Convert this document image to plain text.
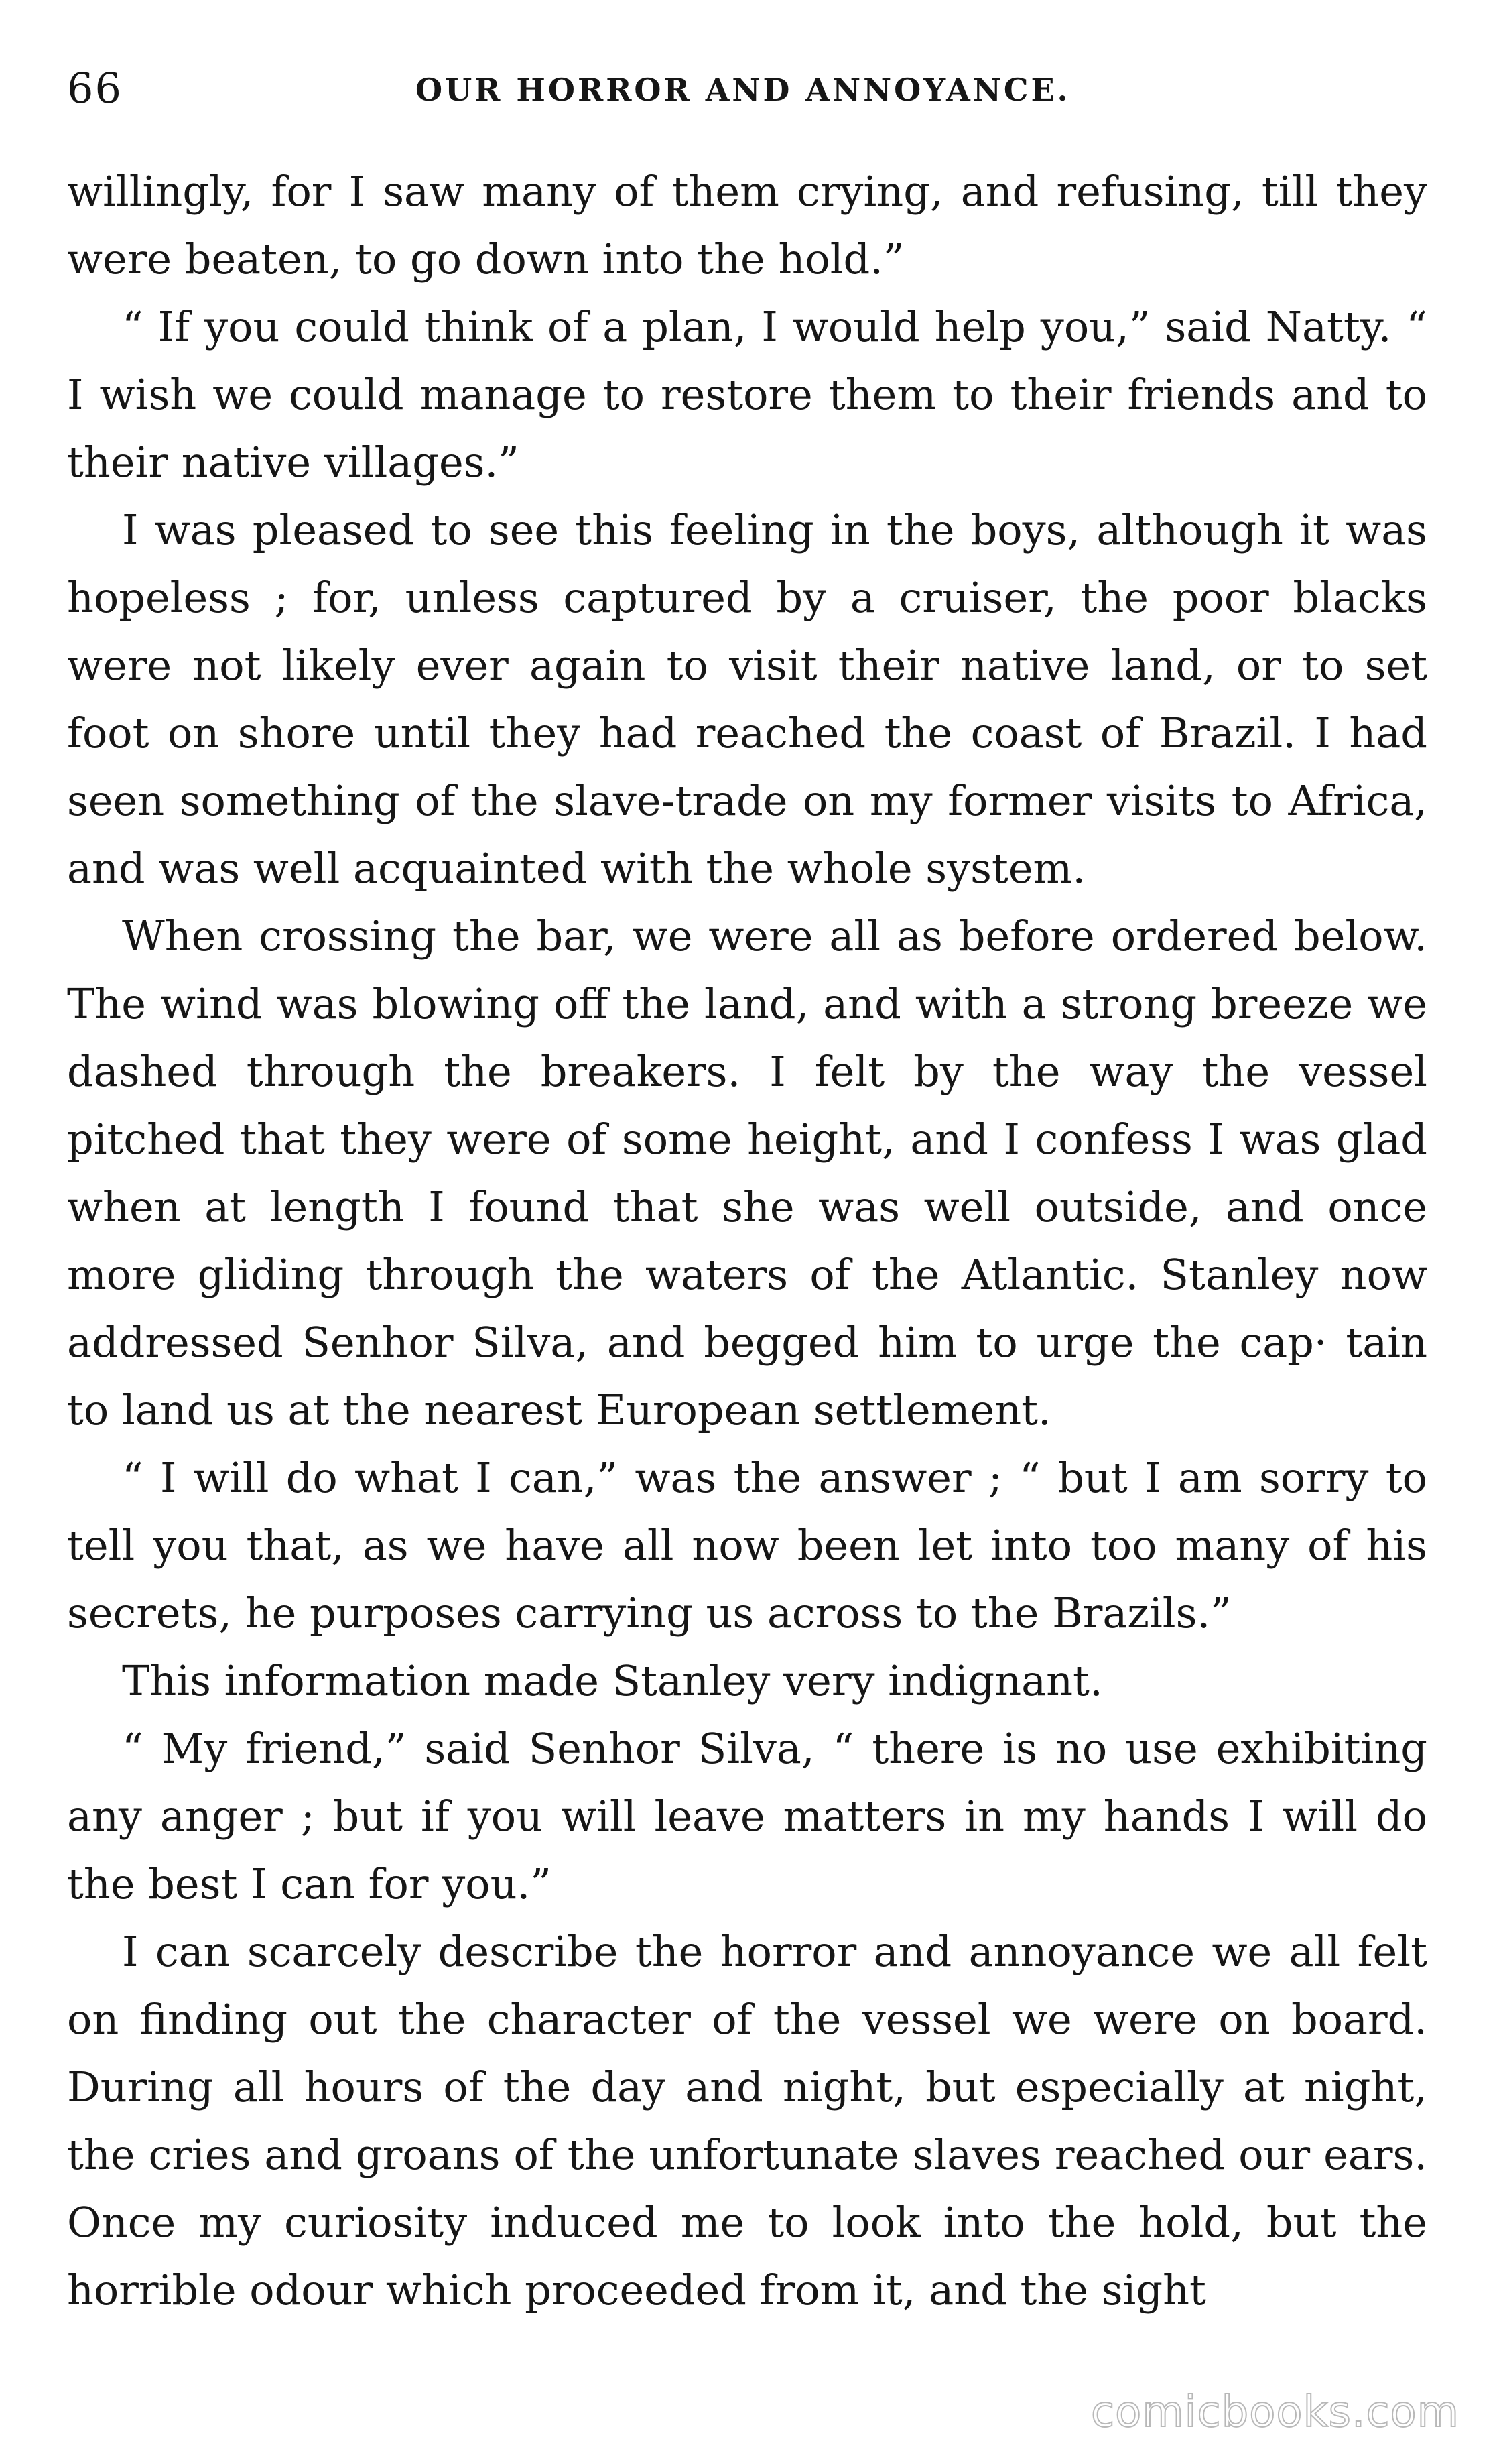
66	OUR HORROR AND ANNOYANCE.

willingly, for I saw many of them crying, and refusing, till they were beaten, to go down into the hold.”

“ If you could think of a plan, I would help you,” said Natty. “ I wish we could manage to restore them to their friends and to their native villages.”

I was pleased to see this feeling in the boys, although it was hopeless ; for, unless captured by a cruiser, the poor blacks were not likely ever again to visit their native land, or to set foot on shore until they had reached the coast of Brazil. I had seen something of the slave-trade on my former visits to Africa, and was well acquainted with the whole system.

When crossing the bar, we were all as before ordered below. The wind was blowing off the land, and with a strong breeze we dashed through the breakers. I felt by the way the vessel pitched that they were of some height, and I confess I was glad when at length I found that she was well outside, and once more gliding through the waters of the Atlantic. Stanley now addressed Senhor Silva, and begged him to urge the cap· tain to land us at the nearest European settlement.

“ I will do what I can,” was the answer ; “ but I am sorry to tell you that, as we have all now been let into too many of his secrets, he purposes carrying us across to the Brazils.”

This information made Stanley very indignant.

“ My friend,” said Senhor Silva, “ there is no use exhibiting any anger ; but if you will leave matters in my hands I will do the best I can for you.”

I can scarcely describe the horror and annoyance we all felt on finding out the character of the vessel we were on board. During all hours of the day and night, but especially at night, the cries and groans of the unfortunate slaves reached our ears. Once my curiosity induced me to look into the hold, but the horrible odour which proceeded from it, and the sight

comicbooks.com
